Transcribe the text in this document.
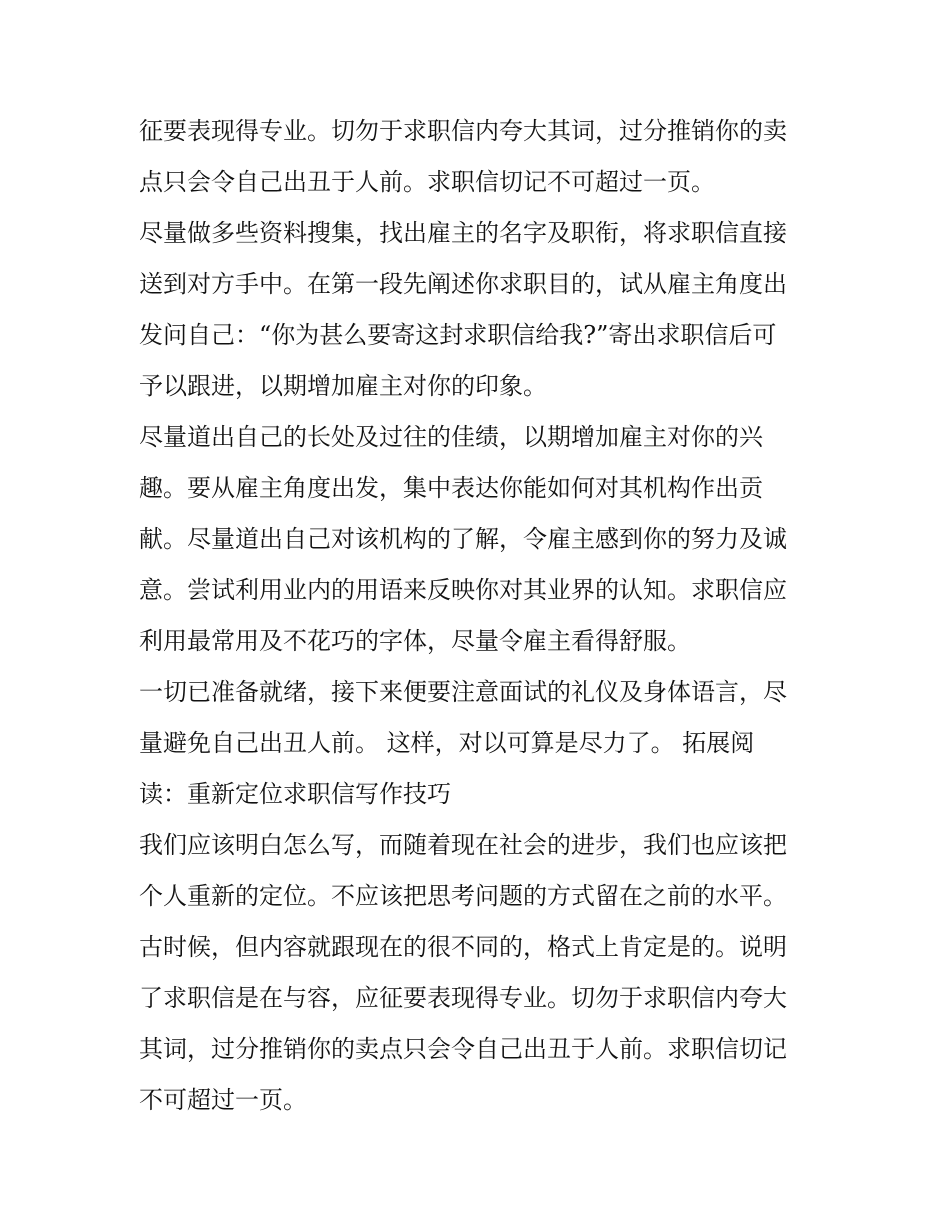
征要表现得专业。切勿于求职信内夸大其词，过分推销你的卖
点只会令自己出丑于人前。求职信切记不可超过一页。
尽量做多些资料搜集，找出雇主的名字及职衔，将求职信直接
送到对方手中。在第一段先阐述你求职目的，试从雇主角度出
发问自己：“你为甚么要寄这封求职信给我?”寄出求职信后可
予以跟进，以期增加雇主对你的印象。
尽量道出自己的长处及过往的佳绩，以期增加雇主对你的兴
趣。要从雇主角度出发，集中表达你能如何对其机构作出贡
献。尽量道出自己对该机构的了解，令雇主感到你的努力及诚
意。尝试利用业内的用语来反映你对其业界的认知。求职信应
利用最常用及不花巧的字体，尽量令雇主看得舒服。
一切已准备就绪，接下来便要注意面试的礼仪及身体语言，尽
量避免自己出丑人前。 这样，对以可算是尽力了。 拓展阅
读：重新定位求职信写作技巧
我们应该明白怎么写，而随着现在社会的进步，我们也应该把
个人重新的定位。不应该把思考问题的方式留在之前的水平。
古时候，但内容就跟现在的很不同的，格式上肯定是的。说明
了求职信是在与容，应征要表现得专业。切勿于求职信内夸大
其词，过分推销你的卖点只会令自己出丑于人前。求职信切记
不可超过一页。
